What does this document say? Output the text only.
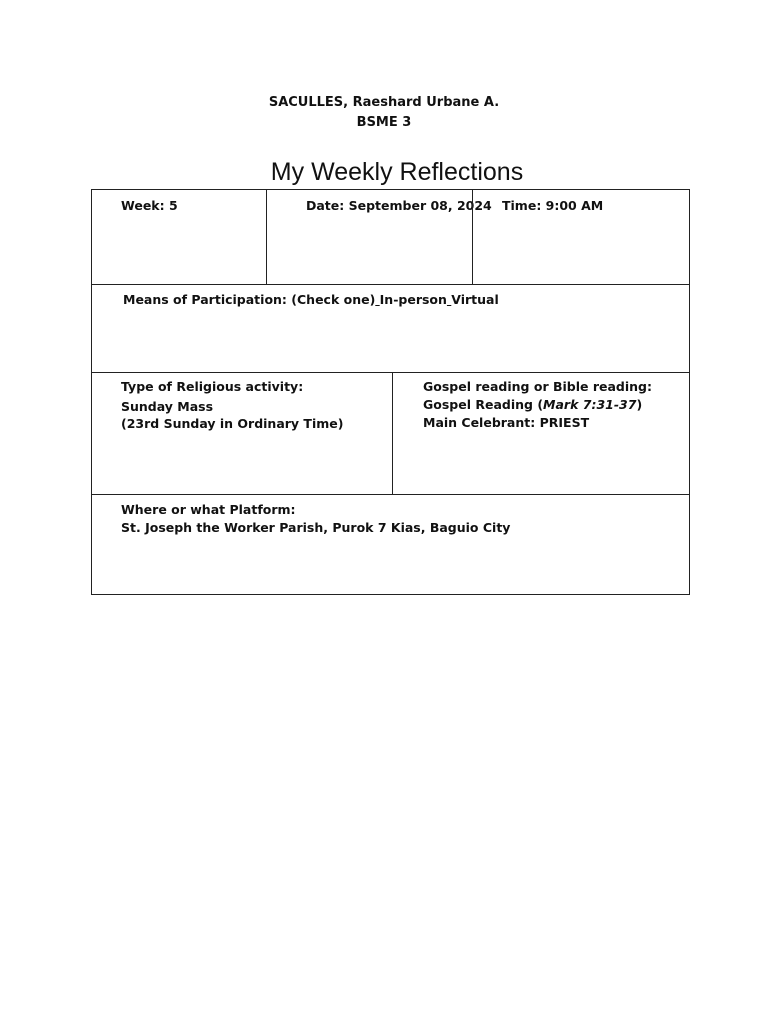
SACULLES, Raeshard Urbane A.
BSME 3
My Weekly Reflections
Week: 5	Date: September 08, 2024 Time: 9:00 AM
Means of Participation: (Check one) In-person Virtual
Type of Religious activity:
Sunday Mass
(23rd Sunday in Ordinary Time)
Gospel reading or Bible reading:
Gospel Reading (Mark 7:31-37)
Main Celebrant: PRIEST
Where or what Platform:
St. Joseph the Worker Parish, Purok 7 Kias, Baguio City
